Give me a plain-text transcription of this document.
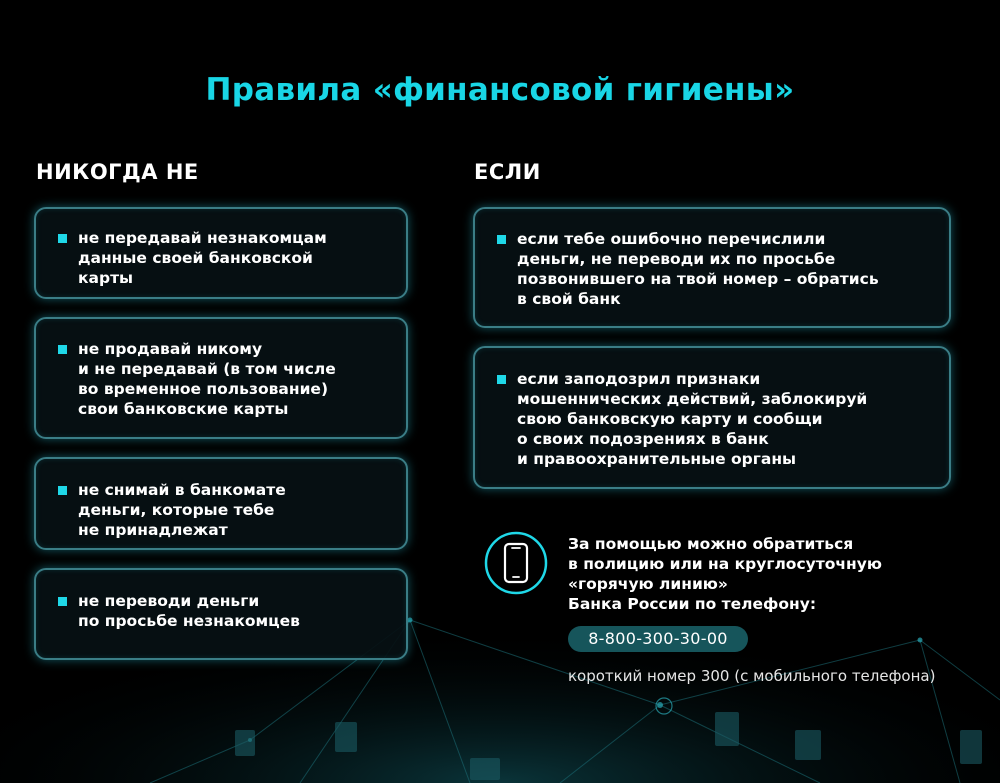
Правила «финансовой гигиены»
НИКОГДА НЕ	ЕСЛИ
не передавай незнакомцам
данные своей банковской
карты
не продавай никому
и не передавай (в том числе
во временное пользование)
свои банковские карты
не снимай в банкомате
деньги, которые тебе
не принадлежат
не переводи деньги
по просьбе незнакомцев
если тебе ошибочно перечислили
деньги, не переводи их по просьбе
позвонившего на твой номер – обратись
в свой банк
если заподозрил признаки
мошеннических действий, заблокируй
свою банковскую карту и сообщи
о своих подозрениях в банк
и правоохранительные органы
За помощью можно обратиться
в полицию или на круглосуточную
«горячую линию»
Банка России по телефону:
8-800-300-30-00
короткий номер 300 (с мобильного телефона)
